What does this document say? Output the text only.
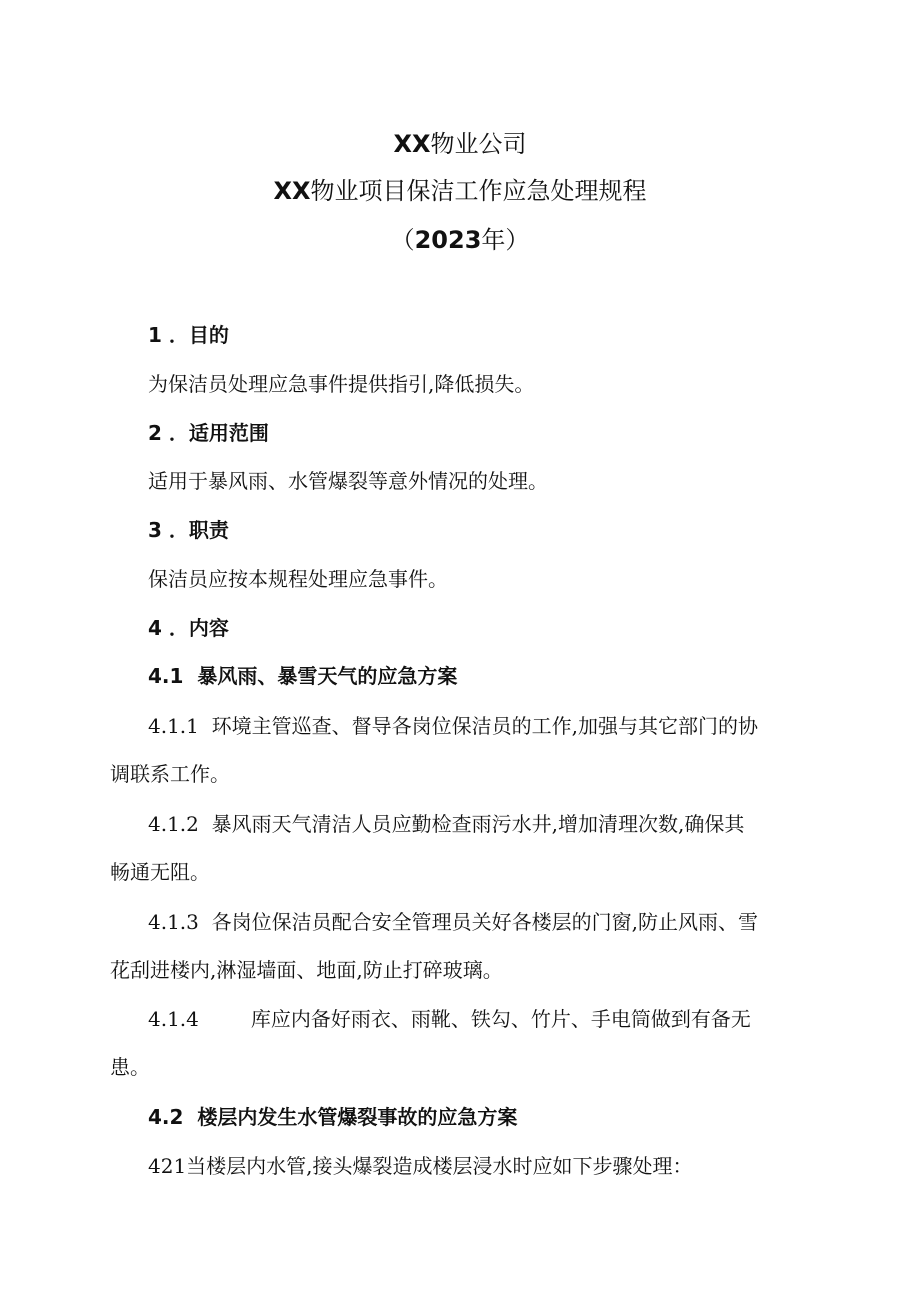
XX物业公司
XX物业项目保洁工作应急处理规程
（2023年）
1 ．目的
为保洁员处理应急事件提供指引,降低损失。
2 ．适用范围
适用于暴风雨、水管爆裂等意外情况的处理。
3 ．职责
保洁员应按本规程处理应急事件。
4 ．内容
4.1 暴风雨、暴雪天气的应急方案
4.1.1 环境主管巡查、督导各岗位保洁员的工作,加强与其它部门的协
调联系工作。
4.1.2 暴风雨天气清洁人员应勤检查雨污水井,增加清理次数,确保其
畅通无阻。
4.1.3 各岗位保洁员配合安全管理员关好各楼层的门窗,防止风雨、雪
花刮进楼内,淋湿墙面、地面,防止打碎玻璃。
4.1.4	库应内备好雨衣、雨靴、铁勾、竹片、手电筒做到有备无
患。
4.2 楼层内发生水管爆裂事故的应急方案
421当楼层内水管,接头爆裂造成楼层浸水时应如下步骤处理：
